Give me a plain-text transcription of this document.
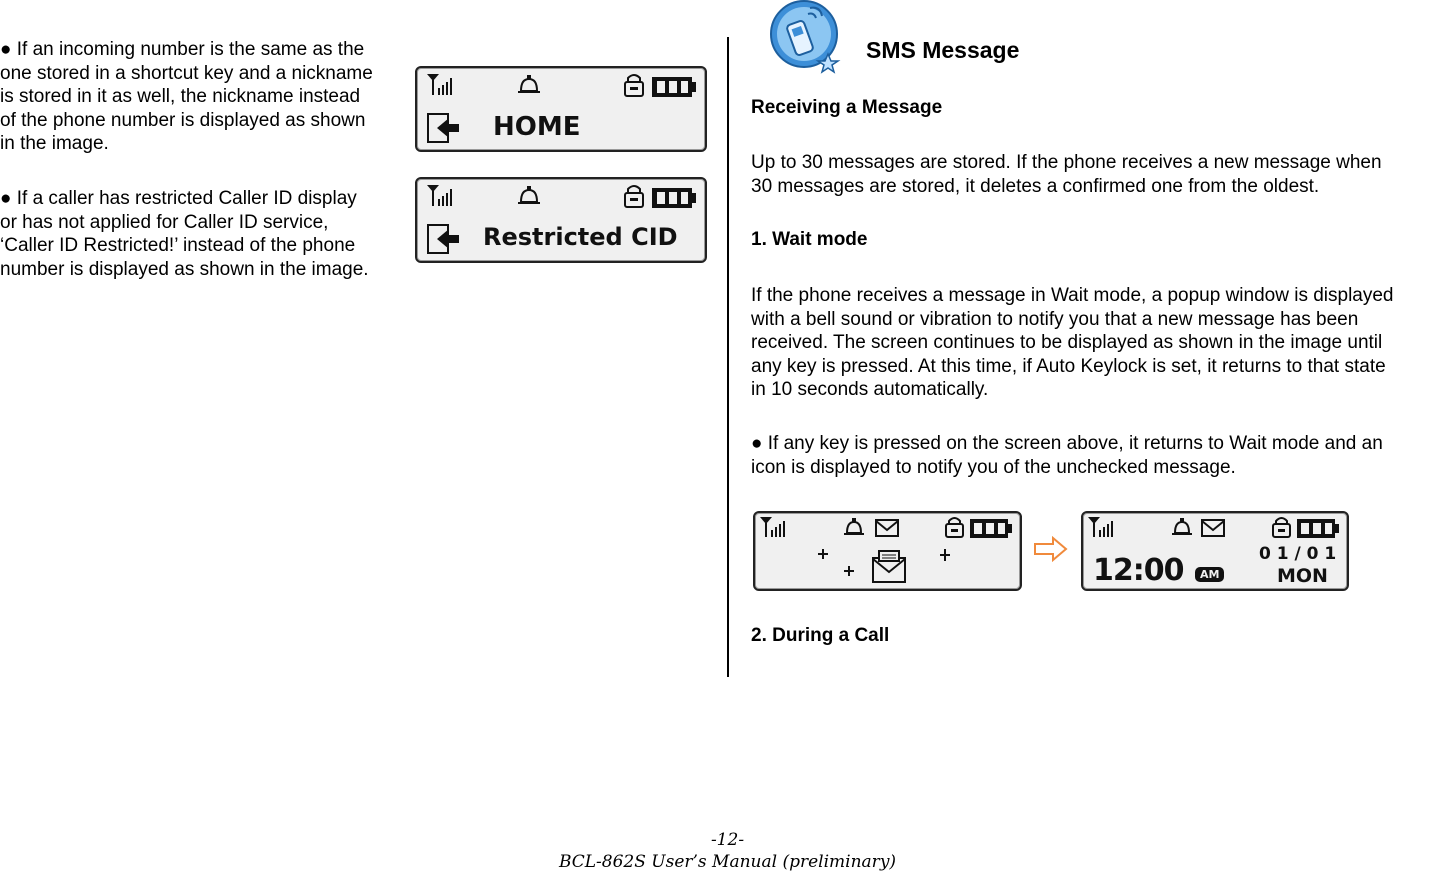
● If an incoming number is the same as the
one stored in a shortcut key and a nickname
is stored in it as well, the nickname instead
of the phone number is displayed as shown
in the image.
● If a caller has restricted Caller ID display
or has not applied for Caller ID service,
‘Caller ID Restricted!’ instead of the phone
number is displayed as shown in the image.
HOME
Restricted CID
SMS Message
Receiving a Message
Up to 30 messages are stored. If the phone receives a new message when
30 messages are stored, it deletes a confirmed one from the oldest.
1. Wait mode
If the phone receives a message in Wait mode, a popup window is displayed
with a bell sound or vibration to notify you that a new message has been
received. The screen continues to be displayed as shown in the image until
any key is pressed. At this time, if Auto Keylock is set, it returns to that state
in 10 seconds automatically.
● If any key is pressed on the screen above, it returns to Wait mode and an
icon is displayed to notify you of the unchecked message.
12:00	AM
0 1 / 0 1
MON
2. During a Call
-12-
BCL-862S User’s Manual (preliminary)
